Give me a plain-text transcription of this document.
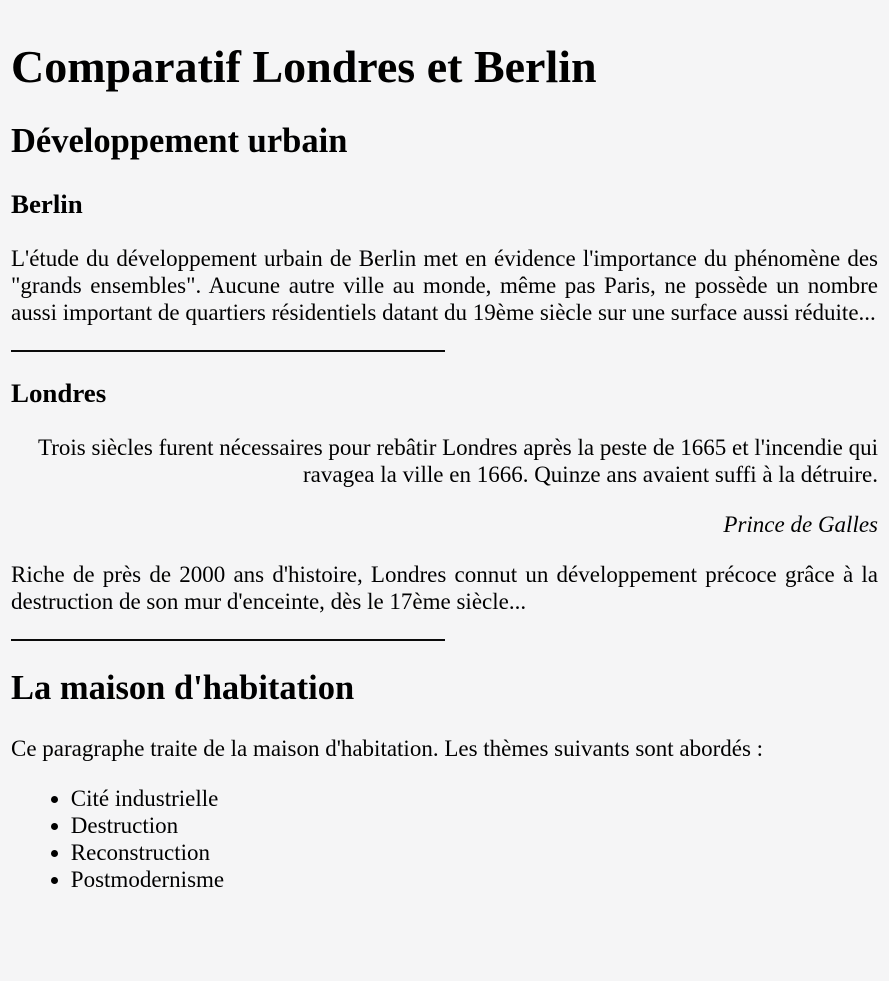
Comparatif Londres et Berlin
Développement urbain
Berlin

L'étude du développement urbain de Berlin met en évidence l'importance du phénomène des "grands ensembles". Aucune autre ville au monde, même pas Paris, ne possède un nombre aussi important de quartiers résidentiels datant du 19ème siècle sur une surface aussi réduite...

Londres

Trois siècles furent nécessaires pour rebâtir Londres après la peste de 1665 et l'incendie qui ravagea la ville en 1666. Quinze ans avaient suffi à la détruire.

Prince de Galles

Riche de près de 2000 ans d'histoire, Londres connut un développement précoce grâce à la destruction de son mur d'enceinte, dès le 17ème siècle...

La maison d'habitation

Ce paragraphe traite de la maison d'habitation. Les thèmes suivants sont abordés :

• Cité industrielle
• Destruction
• Reconstruction
• Postmodernisme
